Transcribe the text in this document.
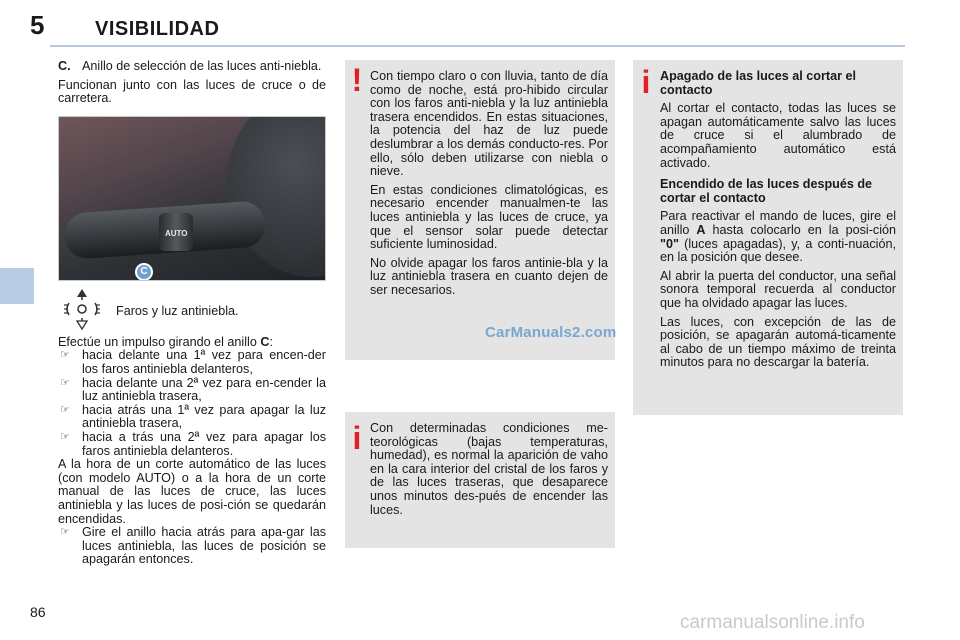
5	VISIBILIDAD
C. Anillo de selección de las luces anti-niebla.
Funcionan junto con las luces de cruce o de carretera.
AUTO
C
Faros y luz antiniebla.
Efectúe un impulso girando el anillo C:
☞ hacia delante una 1ª vez para encen-der los faros antiniebla delanteros,
☞ hacia delante una 2ª vez para en-cender la luz antiniebla trasera,
☞ hacia atrás una 1ª vez para apagar la luz antiniebla trasera,
☞ hacia a trás una 2ª vez para apagar los faros antiniebla delanteros.
A la hora de un corte automático de las luces (con modelo AUTO) o a la hora de un corte manual de las luces de cruce, las luces antiniebla y las luces de posi-ción se quedarán encendidas.
☞ Gire el anillo hacia atrás para apa-gar las luces antiniebla, las luces de posición se apagarán entonces.
! Con tiempo claro o con lluvia, tanto de día como de noche, está pro-hibido circular con los faros anti-niebla y la luz antiniebla trasera encendidos. En estas situaciones, la potencia del haz de luz puede deslumbrar a los demás conducto-res. Por ello, sólo deben utilizarse con niebla o nieve.
En estas condiciones climatológicas, es necesario encender manualmen-te las luces antiniebla y las luces de cruce, ya que el sensor solar puede detectar suficiente luminosidad.
No olvide apagar los faros antinie-bla y la luz antiniebla trasera en cuanto dejen de ser necesarios.
CarManuals2.com
i Con determinadas condiciones me-teorológicas (bajas temperaturas, humedad), es normal la aparición de vaho en la cara interior del cristal de los faros y de las luces traseras, que desaparece unos minutos des-pués de encender las luces.
i Apagado de las luces al cortar el contacto
Al cortar el contacto, todas las luces se apagan automáticamente salvo las luces de cruce si el alumbrado de acompañamiento automático está activado.
Encendido de las luces después de cortar el contacto
Para reactivar el mando de luces, gire el anillo A hasta colocarlo en la posi-ción "0" (luces apagadas), y, a conti-nuación, en la posición que desee.
Al abrir la puerta del conductor, una señal sonora temporal recuerda al conductor que ha olvidado apagar las luces.
Las luces, con excepción de las de posición, se apagarán automá-ticamente al cabo de un tiempo máximo de treinta minutos para no descargar la batería.
86	carmanualsonline.info
